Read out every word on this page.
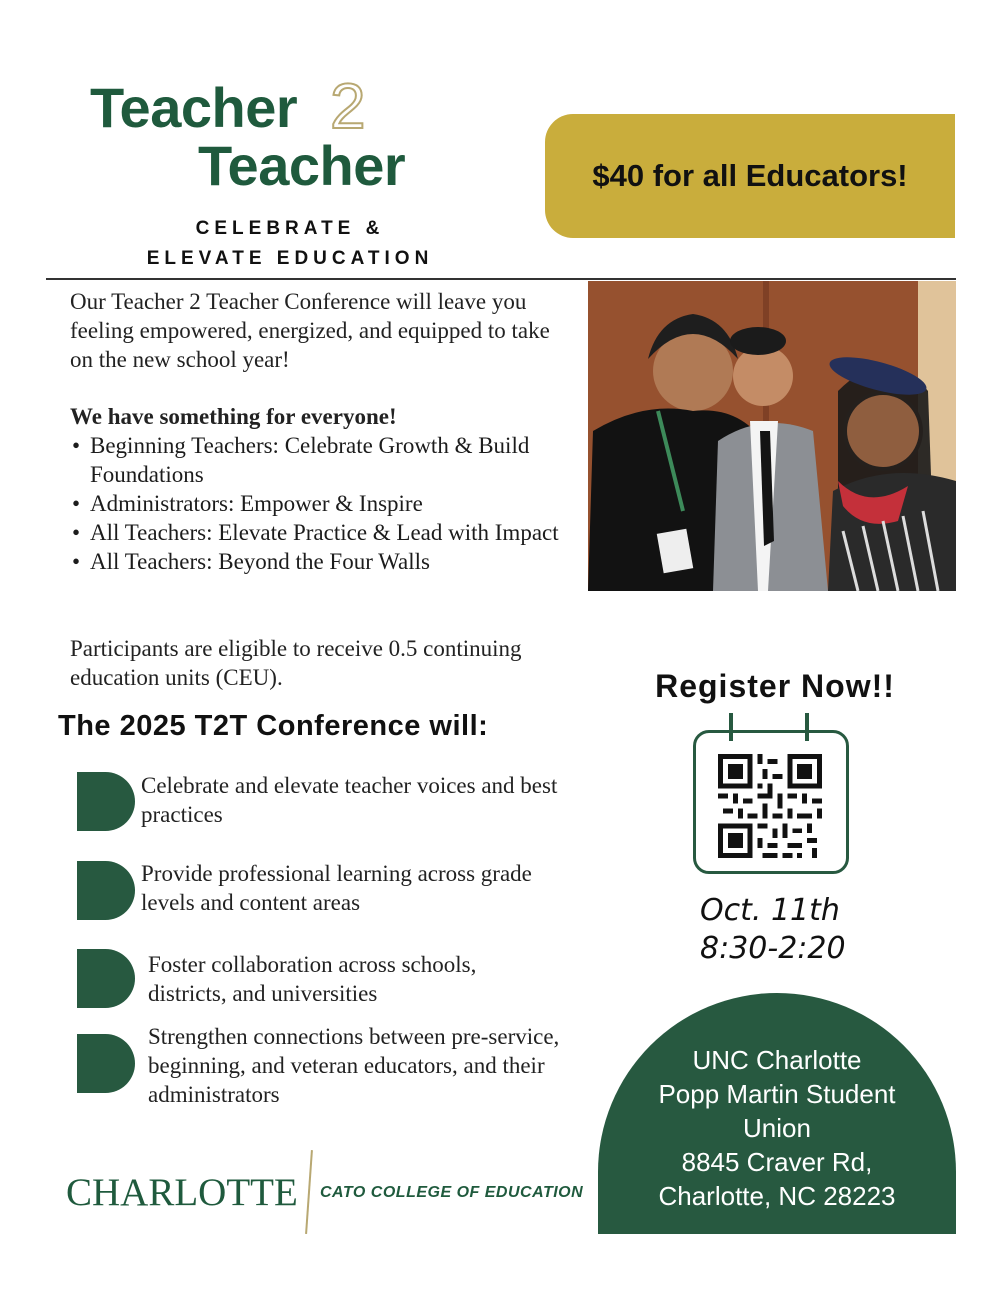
Teacher 2
Teacher
CELEBRATE &
ELEVATE EDUCATION
$40 for all Educators!
Our Teacher 2 Teacher Conference will leave you feeling empowered, energized, and equipped to take on the new school year!
We have something for everyone!
• Beginning Teachers: Celebrate Growth & Build Foundations
• Administrators: Empower & Inspire
• All Teachers: Elevate Practice & Lead with Impact
• All Teachers: Beyond the Four Walls
Participants are eligible to receive 0.5 continuing education units (CEU).	Register Now!!
Oct. 11th
8:30-2:20
The 2025 T2T Conference will:
Celebrate and elevate teacher voices and best practices
Provide professional learning across grade levels and content areas
Foster collaboration across schools, districts, and universities
Strengthen connections between pre-service, beginning, and veteran educators, and their administrators
UNC Charlotte
Popp Martin Student
Union
8845 Craver Rd,
Charlotte, NC 28223
CHARLOTTE CATO COLLEGE OF EDUCATION
